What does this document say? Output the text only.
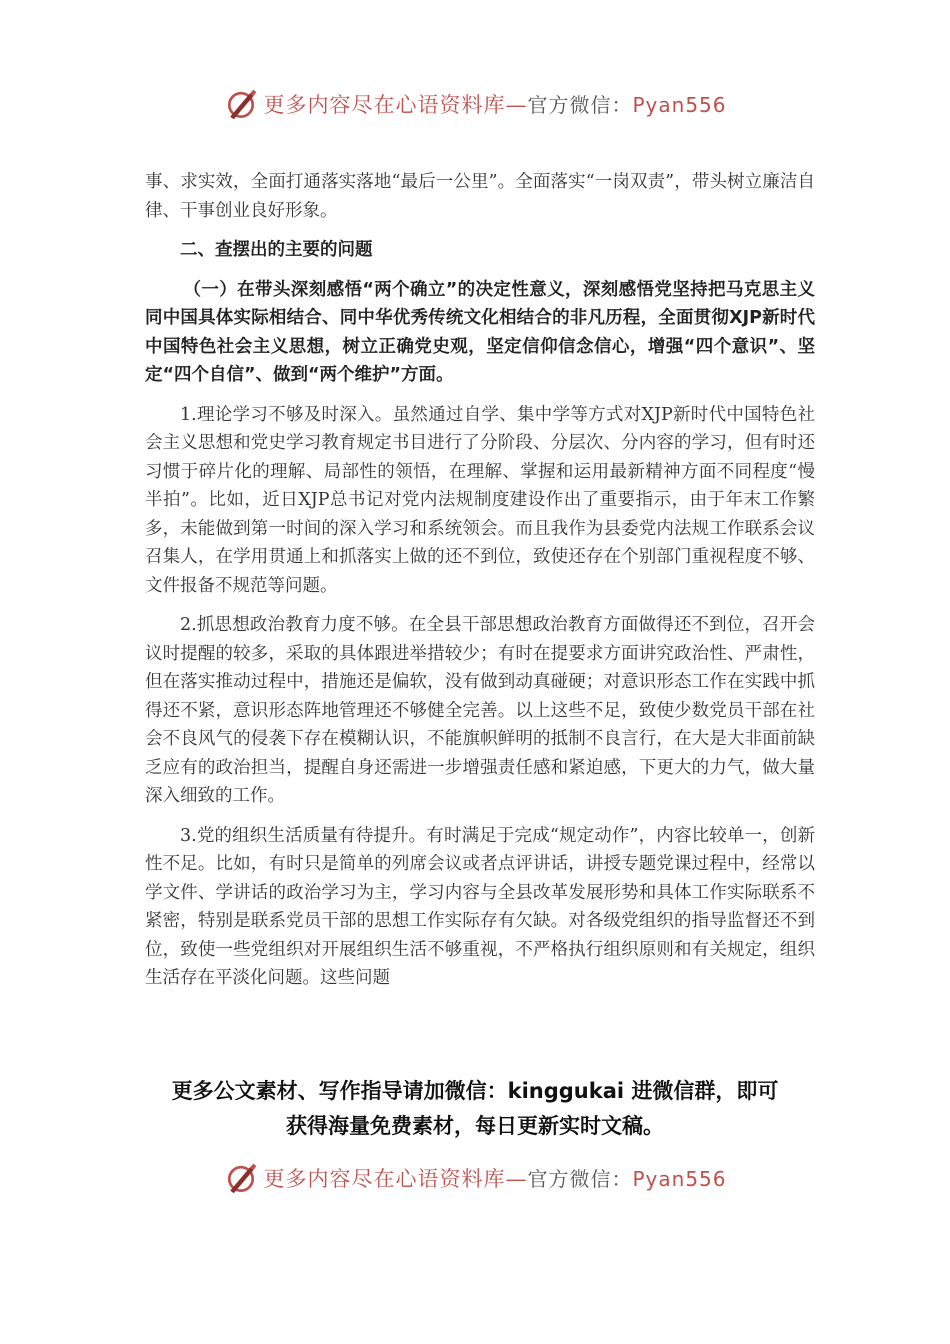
更多内容尽在心语资料库—官方微信：Pyan556

事、求实效，全面打通落实落地“最后一公里”。全面落实“一岗双责”，带头树立廉洁自律、干事创业良好形象。

二、查摆出的主要的问题

（一）在带头深刻感悟“两个确立”的决定性意义，深刻感悟党坚持把马克思主义同中国具体实际相结合、同中华优秀传统文化相结合的非凡历程，全面贯彻XJP新时代中国特色社会主义思想，树立正确党史观，坚定信仰信念信心，增强“四个意识”、坚定“四个自信”、做到“两个维护”方面。

1.理论学习不够及时深入。虽然通过自学、集中学等方式对XJP新时代中国特色社会主义思想和党史学习教育规定书目进行了分阶段、分层次、分内容的学习，但有时还习惯于碎片化的理解、局部性的领悟，在理解、掌握和运用最新精神方面不同程度“慢半拍”。比如，近日XJP总书记对党内法规制度建设作出了重要指示，由于年末工作繁多，未能做到第一时间的深入学习和系统领会。而且我作为县委党内法规工作联系会议召集人，在学用贯通上和抓落实上做的还不到位，致使还存在个别部门重视程度不够、文件报备不规范等问题。

2.抓思想政治教育力度不够。在全县干部思想政治教育方面做得还不到位，召开会议时提醒的较多，采取的具体跟进举措较少；有时在提要求方面讲究政治性、严肃性，但在落实推动过程中，措施还是偏软，没有做到动真碰硬；对意识形态工作在实践中抓得还不紧，意识形态阵地管理还不够健全完善。以上这些不足，致使少数党员干部在社会不良风气的侵袭下存在模糊认识，不能旗帜鲜明的抵制不良言行，在大是大非面前缺乏应有的政治担当，提醒自身还需进一步增强责任感和紧迫感，下更大的力气，做大量深入细致的工作。

3.党的组织生活质量有待提升。有时满足于完成“规定动作”，内容比较单一，创新性不足。比如，有时只是简单的列席会议或者点评讲话，讲授专题党课过程中，经常以学文件、学讲话的政治学习为主，学习内容与全县改革发展形势和具体工作实际联系不紧密，特别是联系党员干部的思想工作实际存有欠缺。对各级党组织的指导监督还不到位，致使一些党组织对开展组织生活不够重视，不严格执行组织原则和有关规定，组织生活存在平淡化问题。这些问题

更多公文素材、写作指导请加微信：kinggukai 进微信群，即可
获得海量免费素材，每日更新实时文稿。
更多内容尽在心语资料库—官方微信：Pyan556
